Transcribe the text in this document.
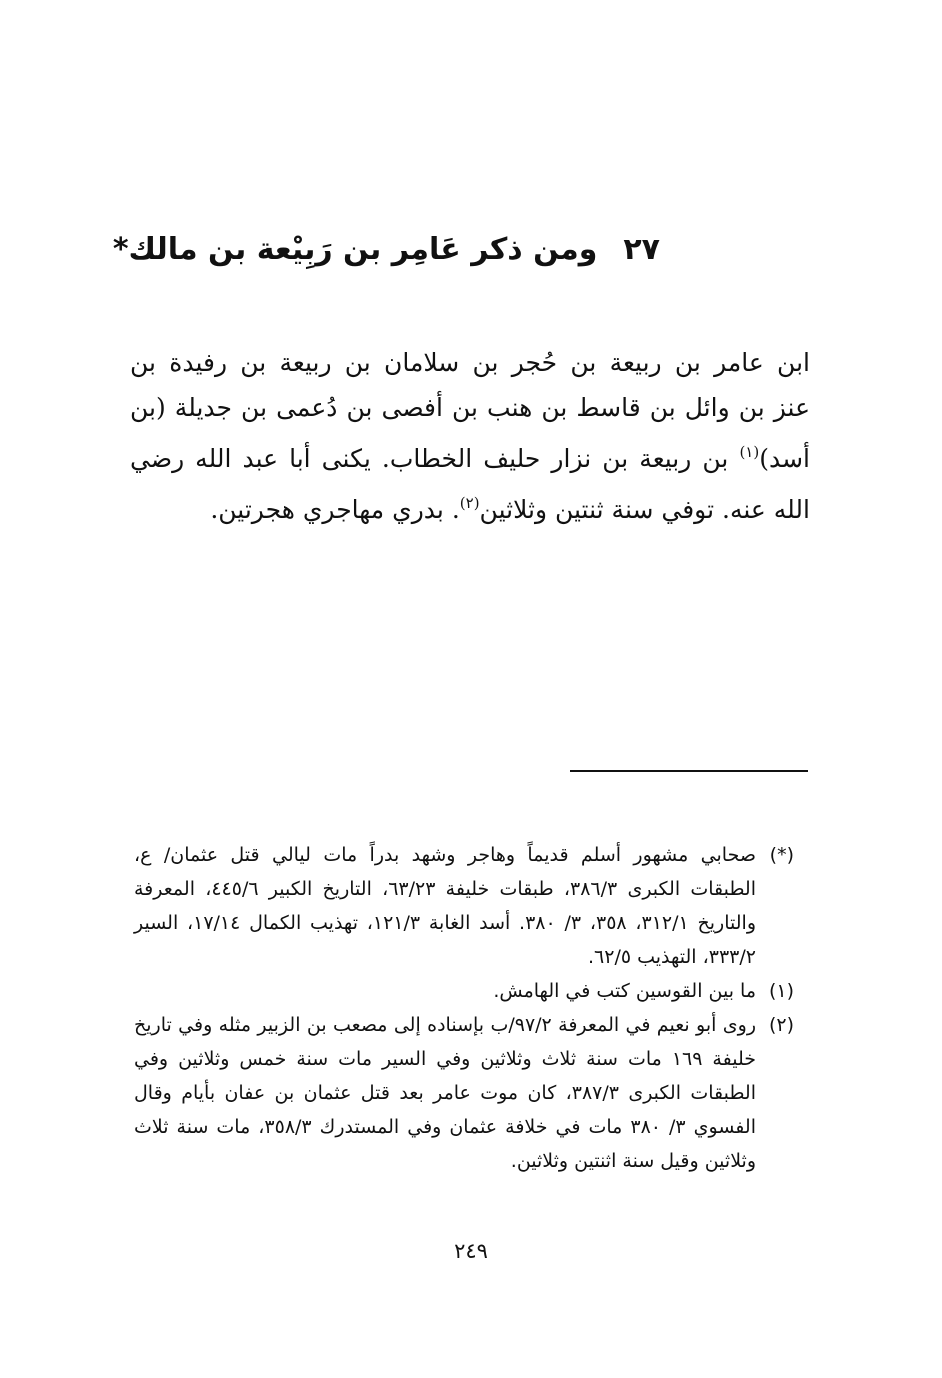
٢٧ومن ذكر عَامِر بن رَبِيْعة بن مالك*
ابن عامر بن ربيعة بن حُجر بن سلامان بن ربيعة بن رفيدة بن
عنز بن وائل بن قاسط بن هنب بن أفصى بن دُعمى بن جديلة (بن
أسد)$^{(١)}$ بن ربيعة بن نزار حليف الخطاب. يكنى أبا عبد الله رضي
الله عنه. توفي سنة ثنتين وثلاثين$^{(٢)}$. بدري مهاجري هجرتين.
(*)
صحابي مشهور أسلم قديماً وهاجر وشهد بدراً مات ليالي قتل عثمان/ ع، الطبقات الكبرى ٣٨٦/٣، طبقات خليفة ٦٣/٢٣، التاريخ الكبير ٤٤٥/٦، المعرفة والتاريخ ٣١٢/١، ٣٥٨، ٣/ ٣٨٠. أسد الغابة ١٢١/٣، تهذيب الكمال ١٧/١٤، السير ٣٣٣/٢، التهذيب ٦٢/٥.
(١)
ما بين القوسين كتب في الهامش.
(٢)
روى أبو نعيم في المعرفة ٩٧/٢/ب بإسناده إلى مصعب بن الزبير مثله وفي تاريخ خليفة ١٦٩ مات سنة ثلاث وثلاثين وفي السير مات سنة خمس وثلاثين وفي الطبقات الكبرى ٣٨٧/٣، كان موت عامر بعد قتل عثمان بن عفان بأيام وقال الفسوي ٣/ ٣٨٠ مات في خلافة عثمان وفي المستدرك ٣٥٨/٣، مات سنة ثلاث وثلاثين وقيل سنة اثنتين وثلاثين.
٢٤٩
